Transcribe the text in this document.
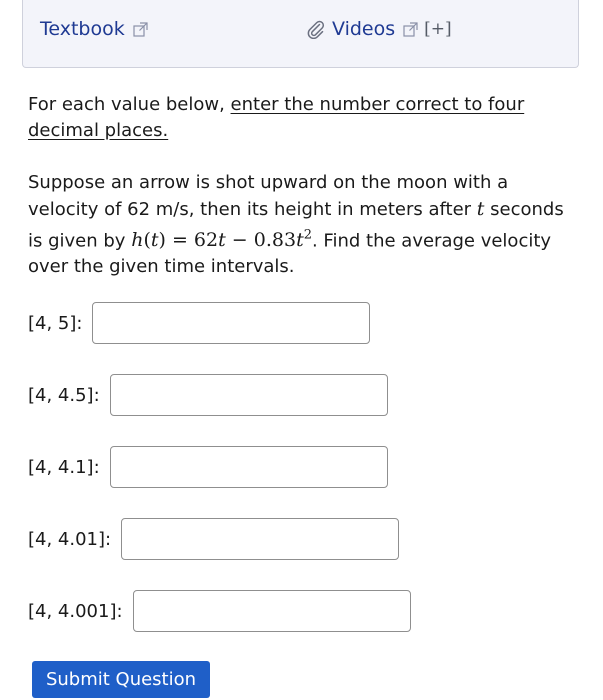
Textbook	Videos [+]

For each value below, enter the number correct to four decimal places.

Suppose an arrow is shot upward on the moon with a velocity of 62 m/s, then its height in meters after t seconds is given by $h(t) = 62t - 0.83t^2$. Find the average velocity over the given time intervals.

[4, 5]:
[4, 4.5]:
[4, 4.1]:
[4, 4.01]:
[4, 4.001]:
Submit Question
